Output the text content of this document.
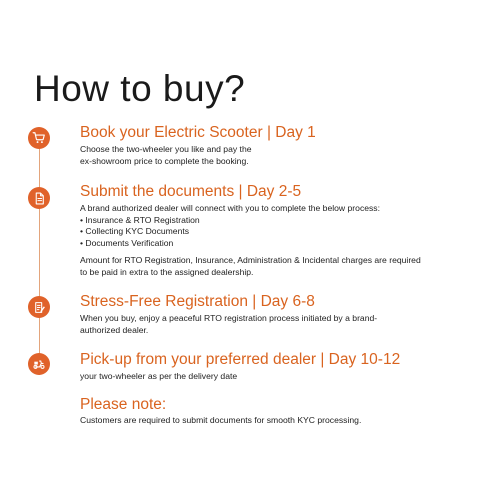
How to buy?
Book your Electric Scooter | Day 1
Choose the two-wheeler you like and pay the
ex-showroom price to complete the booking.
Submit the documents | Day 2-5
A brand authorized dealer will connect with you to complete the below process:
• Insurance & RTO Registration
• Collecting KYC Documents
• Documents Verification
Amount for RTO Registration, Insurance, Administration & Incidental charges are required
to be paid in extra to the assigned dealership.
Stress-Free Registration | Day 6-8
When you buy, enjoy a peaceful RTO registration process initiated by a brand-
authorized dealer.
Pick-up from your preferred dealer | Day 10-12
your two-wheeler as per the delivery date
Please note:
Customers are required to submit documents for smooth KYC processing.
